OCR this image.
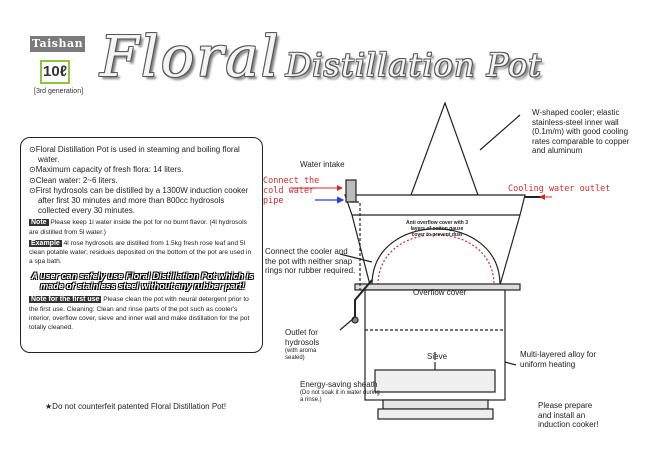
Taishan
10ℓ
[3rd generation]
Floral Distillation Pot
⊙Floral Distillation Pot is used in steaming and boiling floral water.
⊙Maximum capacity of fresh flora: 14 liters.
⊙Clean water: 2~6 liters.
⊙First hydrosols can be distilled by a 1300W induction cooker after first 30 minutes and more than 800cc hydrosols collected every 30 minutes.
Note Please keep 1l water inside the pot for no burnt flavor. (4l hydrosols are distilled from 5l water.)
Example 4l rose hydrosols are distilled from 1.5kg fresh rose leaf and 5l clean potable water; residues deposited on the bottom of the pot are used in a spa bath.
A user can safely use Floral Distillation Pot which is made of stainless steel without any rubber part!
Note for the first use Please clean the pot with neural detergent prior to the first use. Cleaning: Clean and rinse parts of the pot such as cooler's interior, overflow cover, sieve and inner wall and make distillation for the pot totally cleaned.
★Do not counterfeit patented Floral Distillation Pot!
W-shaped cooler; elastic stainless-steel inner wall (0.1m/m) with good cooling rates comparable to copper and aluminum
Water intake
Connect the cold water pipe
Cooling water outlet
Anti overflow cover with 3 layers of cotton gauze cover to prevent dust
Connect the cooler and the pot with neither snap rings nor rubber required.
Overflow cover
Outlet for hydrosols
(with aroma sealed)	Sieve	Multi-layered alloy for uniform heating
Energy-saving sheath
(Do not soak it in water during a rinse.)
Please prepare and install an induction cooker!
